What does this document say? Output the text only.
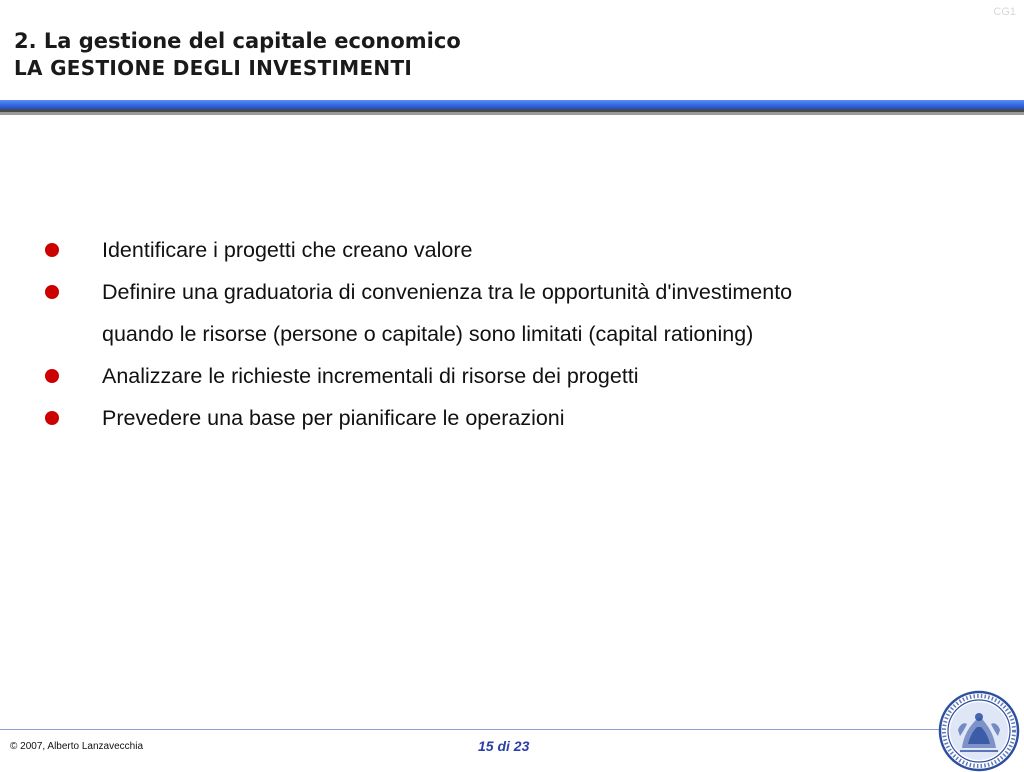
CG1
2. La gestione del capitale economico
LA GESTIONE DEGLI INVESTIMENTI
Identificare i progetti che creano valore
Definire una graduatoria di convenienza tra le opportunità d'investimento
quando le risorse (persone o capitale) sono limitati (capital rationing)
Analizzare le richieste incrementali di risorse dei progetti
Prevedere una base per pianificare le operazioni
© 2007, Alberto Lanzavecchia	15 di 23
